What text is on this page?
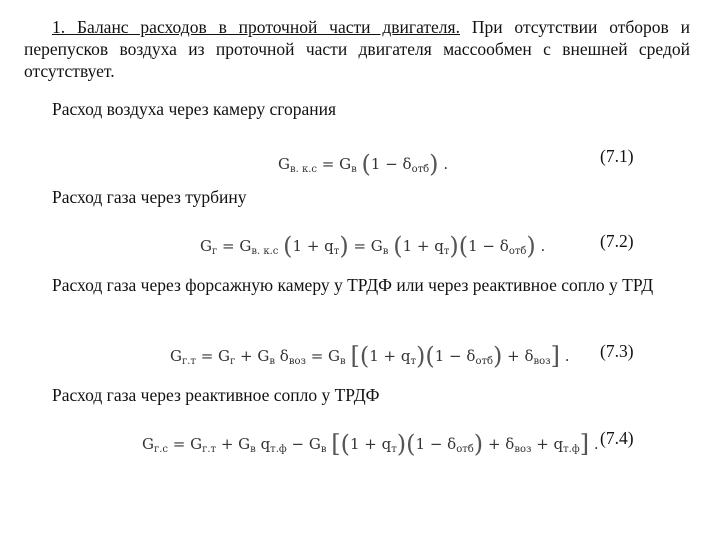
1. Баланс расходов в проточной части двигателя. При отсутствии отборов и перепусков воздуха из проточной части двигателя массообмен с внешней средой отсутствует.
Расход воздуха через камеру сгорания
$G_{в. к.с} = G_в$ $(1 - \delta_{отб})$ .	(7.1)
Расход газа через турбину
$G_г = G_{в. к.с}$ $(1 + q_т) = G_в$ $(1 + q_т)(1 - \delta_{отб})$ .	(7.2)
Расход газа через форсажную камеру у ТРДФ или через реактивное сопло у ТРД
$G_{г.т} = G_г + G_в$ $\delta_{воз} = G_в$ $[(1 + q_т)(1 - \delta_{отб}) + \delta_{воз}]$ . (7.3)
Расход газа через реактивное сопло у ТРДФ
$G_{г.с} = G_{г.т} + G_в$ $q_{т.ф} - G_в$ $[(1 + q_т)(1 - \delta_{отб}) + \delta_{воз} + q_{т.ф}]$ . (7.4)
